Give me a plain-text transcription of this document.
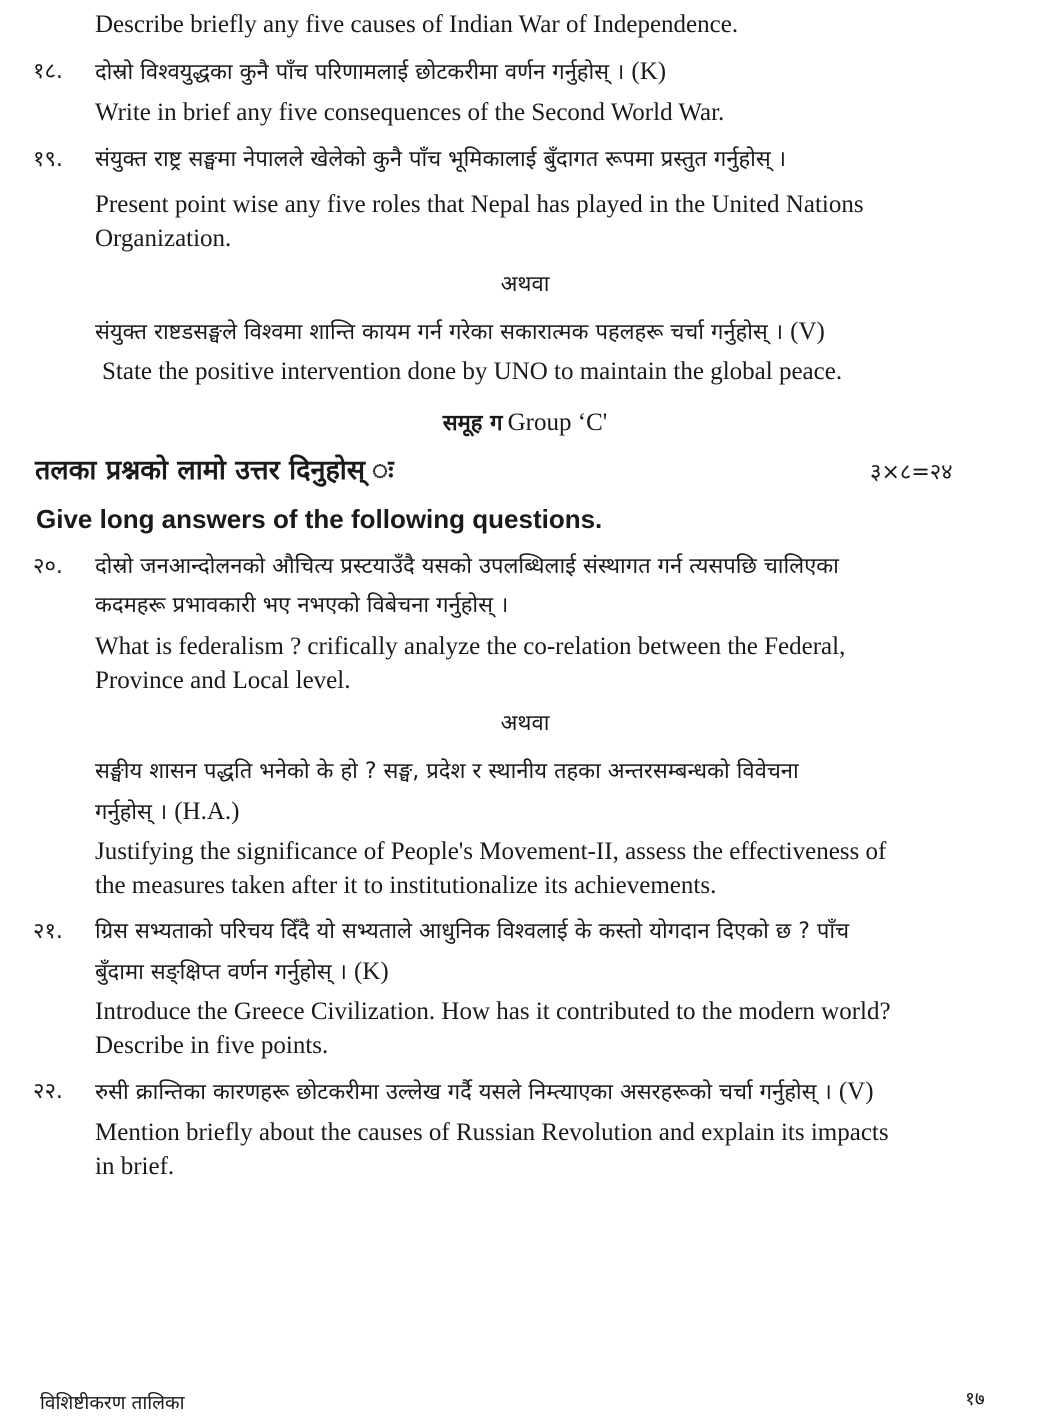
Describe briefly any five causes of Indian War of Independence.
१८. दोस्रो विश्वयुद्धका कुनै पाँच परिणामलाई छोटकरीमा वर्णन गर्नुहोस् । (K)
Write in brief any five consequences of the Second World War.
१९. संयुक्त राष्ट्र सङ्घमा नेपालले खेलेको कुनै पाँच भूमिकालाई बुँदागत रूपमा प्रस्तुत गर्नुहोस् ।
Present point wise any five roles that Nepal has played in the United Nations
Organization.
अथवा
संयुक्त राष्टडसङ्घले विश्वमा शान्ति कायम गर्न गरेका सकारात्मक पहलहरू चर्चा गर्नुहोस् । (V)
State the positive intervention done by UNO to maintain the global peace.
समूह ग Group ‘C'
तलका प्रश्नको लामो उत्तर दिनुहोस् ः	३×८=२४
Give long answers of the following questions.
२०. दोस्रो जनआन्दोलनको औचित्य प्रस्टयाउँदै यसको उपलब्धिलाई संस्थागत गर्न त्यसपछि चालिएका
कदमहरू प्रभावकारी भए नभएको विबेचना गर्नुहोस् ।
What is federalism ? crifically analyze the co-relation between the Federal,
Province and Local level.
अथवा
सङ्घीय शासन पद्धति भनेको के हो ? सङ्घ, प्रदेश र स्थानीय तहका अन्तरसम्बन्धको विवेचना
गर्नुहोस् । (H.A.)
Justifying the significance of People's Movement-II, assess the effectiveness of
the measures taken after it to institutionalize its achievements.
२१. ग्रिस सभ्यताको परिचय दिँदै यो सभ्यताले आधुनिक विश्वलाई के कस्तो योगदान दिएको छ ? पाँच
बुँदामा सङ्क्षिप्त वर्णन गर्नुहोस् । (K)
Introduce the Greece Civilization. How has it contributed to the modern world?
Describe in five points.
२२. रुसी क्रान्तिका कारणहरू छोटकरीमा उल्लेख गर्दै यसले निम्त्याएका असरहरूको चर्चा गर्नुहोस् । (V)
Mention briefly about the causes of Russian Revolution and explain its impacts
in brief.
विशिष्टीकरण तालिका	१७
